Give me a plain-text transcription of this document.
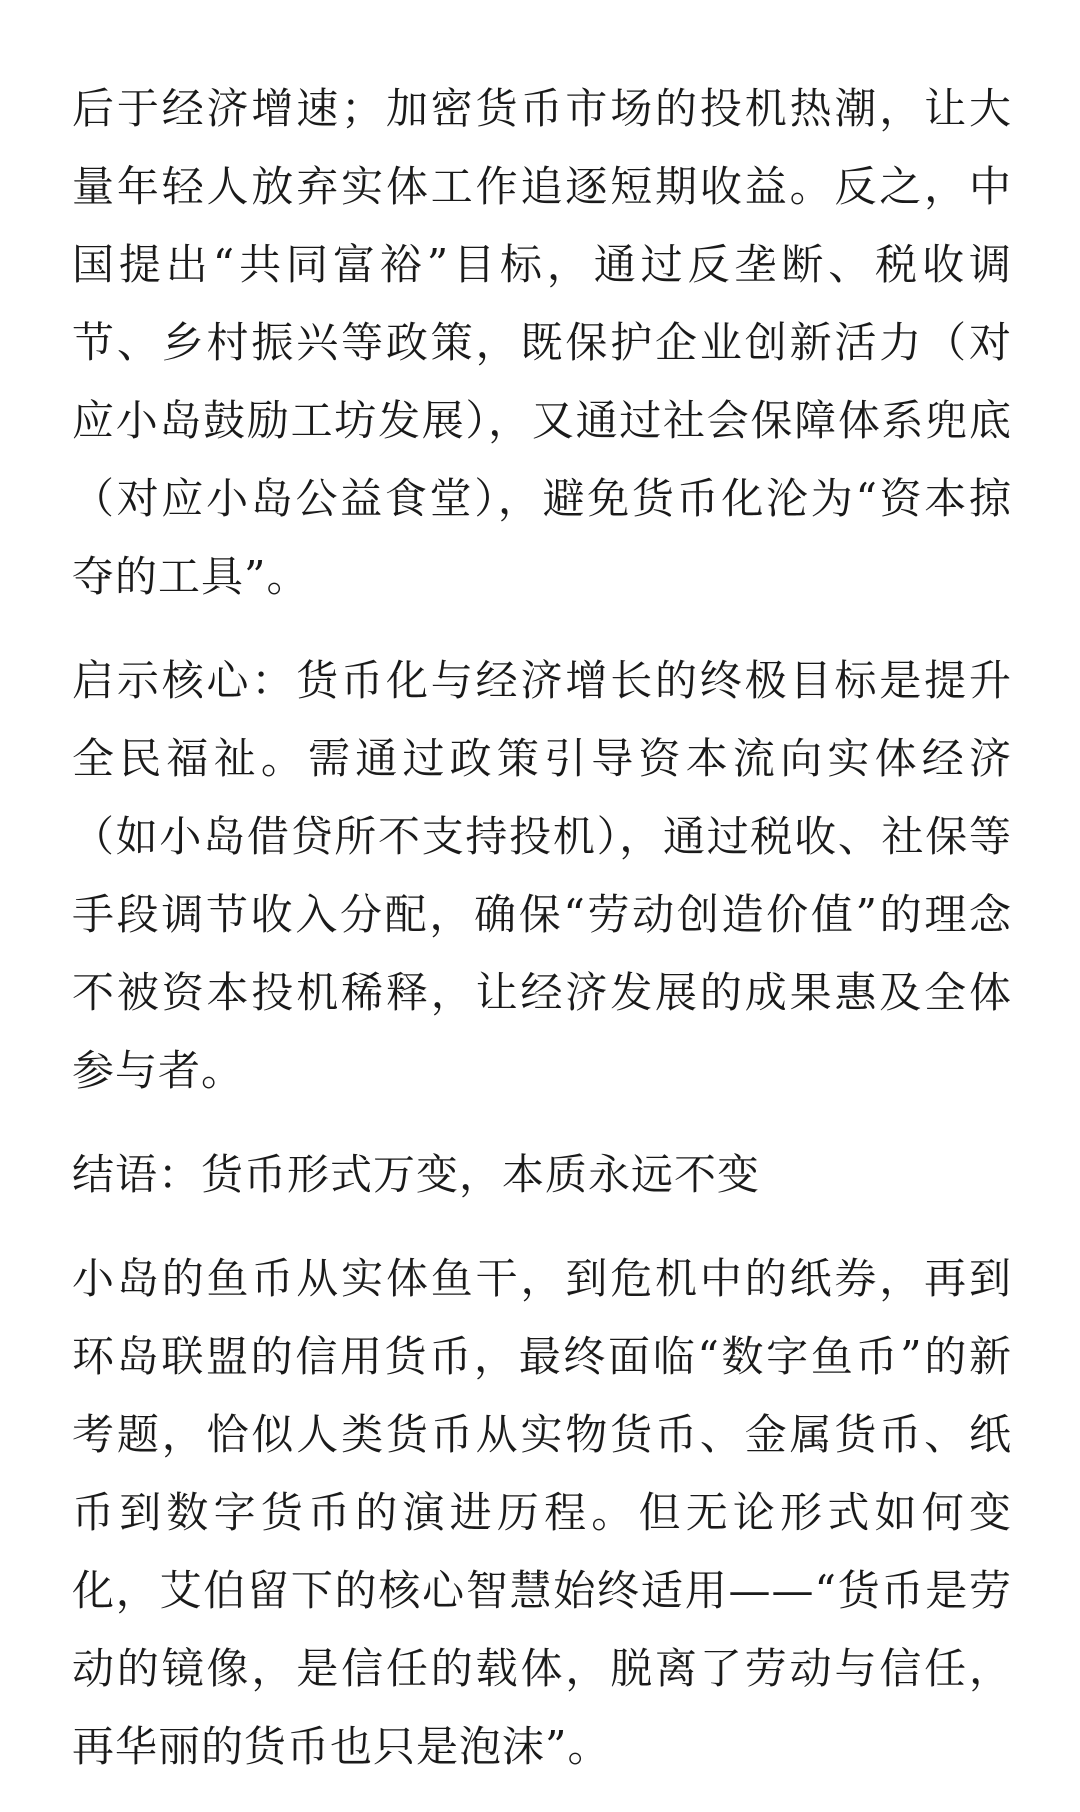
后于经济增速；加密货币市场的投机热潮，让大量年轻人放弃实体工作追逐短期收益。反之，中国提出“共同富裕”目标，通过反垄断、税收调节、乡村振兴等政策，既保护企业创新活力（对应小岛鼓励工坊发展），又通过社会保障体系兜底（对应小岛公益食堂），避免货币化沦为“资本掠夺的工具”。

启示核心：货币化与经济增长的终极目标是提升全民福祉。需通过政策引导资本流向实体经济（如小岛借贷所不支持投机），通过税收、社保等手段调节收入分配，确保“劳动创造价值”的理念不被资本投机稀释，让经济发展的成果惠及全体参与者。

结语：货币形式万变，本质永远不变

小岛的鱼币从实体鱼干，到危机中的纸券，再到环岛联盟的信用货币，最终面临“数字鱼币”的新考题，恰似人类货币从实物货币、金属货币、纸币到数字货币的演进历程。但无论形式如何变化，艾伯留下的核心智慧始终适用——“货币是劳动的镜像，是信任的载体，脱离了劳动与信任，再华丽的货币也只是泡沫”。
